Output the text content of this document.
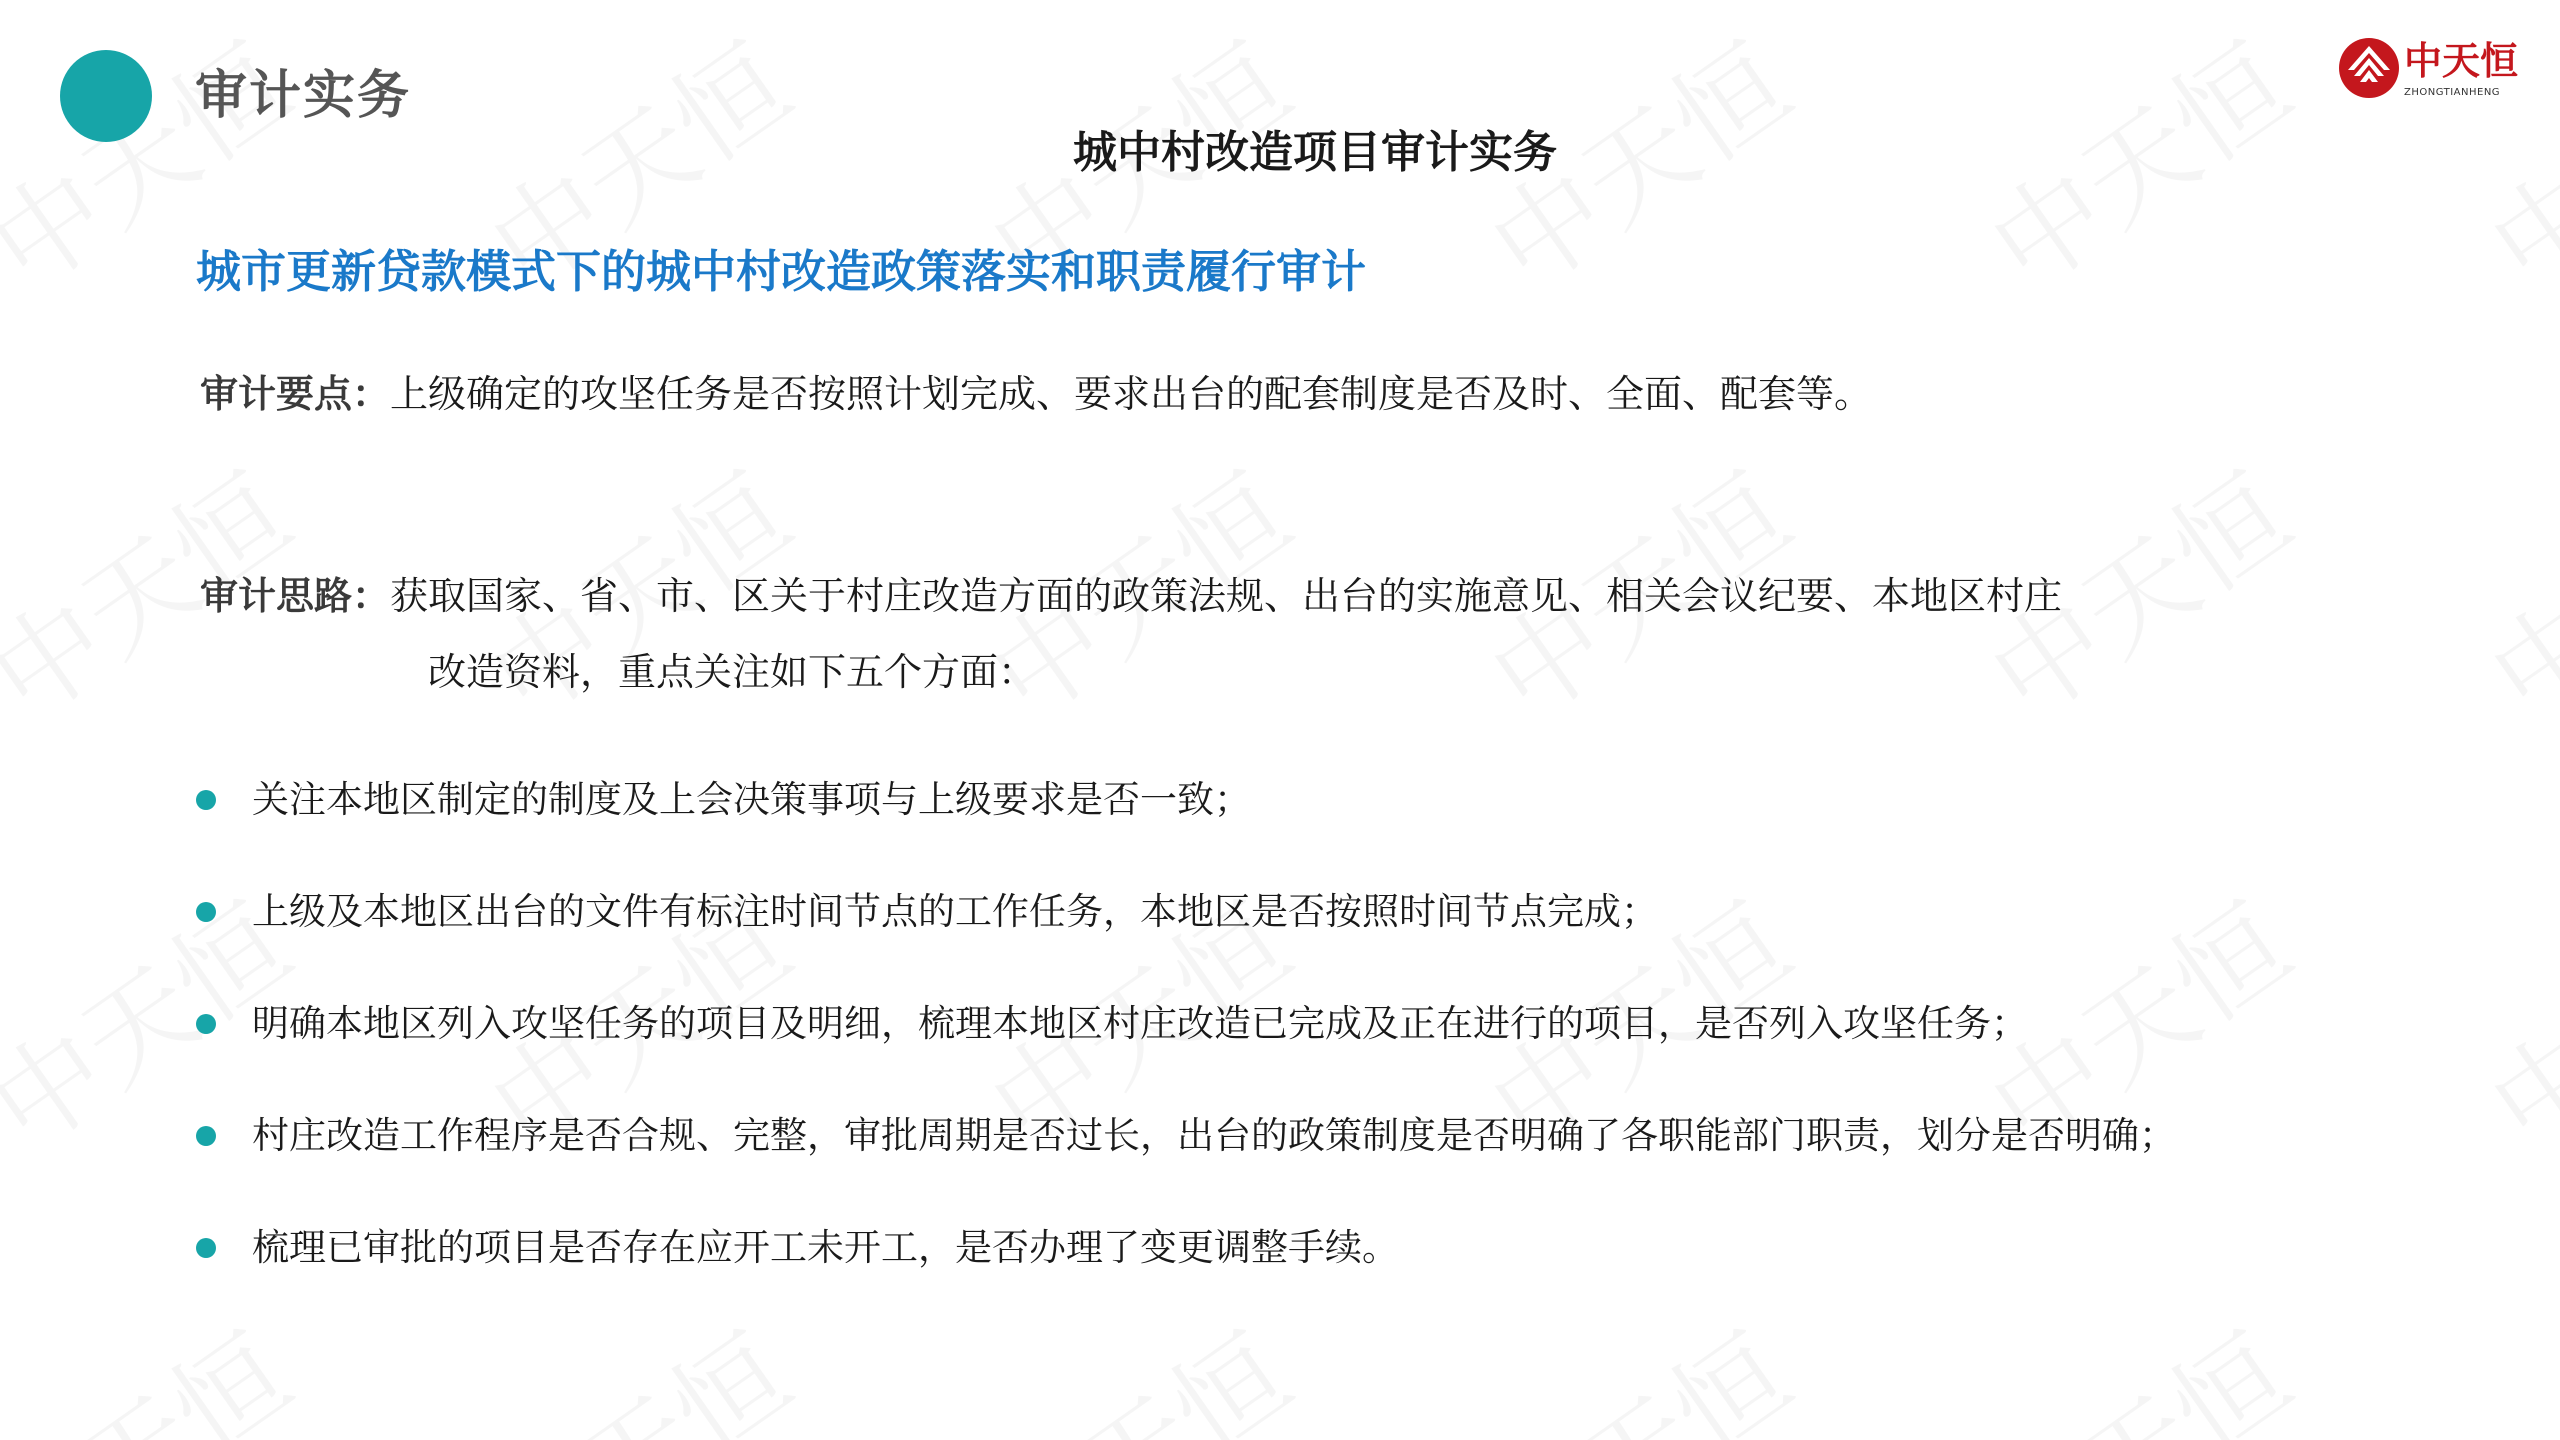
审计实务
中天恒
ZHONGTIANHENG
城中村改造项目审计实务
城市更新贷款模式下的城中村改造政策落实和职责履行审计
审计要点：上级确定的攻坚任务是否按照计划完成、要求出台的配套制度是否及时、全面、配套等。
审计思路：获取国家、省、市、区关于村庄改造方面的政策法规、出台的实施意见、相关会议纪要、本地区村庄
改造资料，重点关注如下五个方面：
关注本地区制定的制度及上会决策事项与上级要求是否一致；
上级及本地区出台的文件有标注时间节点的工作任务，本地区是否按照时间节点完成；
明确本地区列入攻坚任务的项目及明细，梳理本地区村庄改造已完成及正在进行的项目，是否列入攻坚任务；
村庄改造工作程序是否合规、完整，审批周期是否过长，出台的政策制度是否明确了各职能部门职责，划分是否明确；
梳理已审批的项目是否存在应开工未开工，是否办理了变更调整手续。
